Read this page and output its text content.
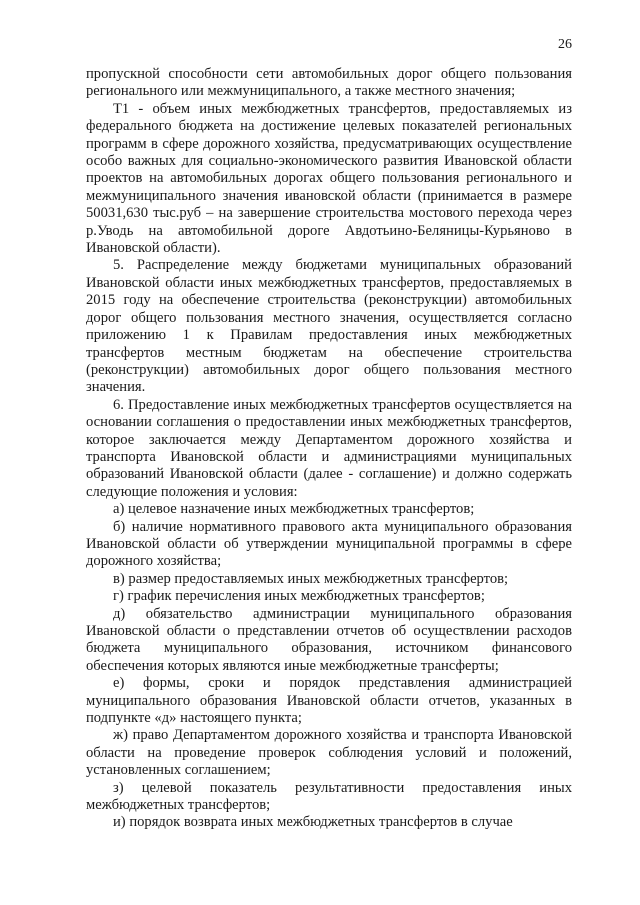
26

пропускной способности сети автомобильных дорог общего пользования регионального или межмуниципального, а также местного значения;

T1 - объем иных межбюджетных трансфертов, предоставляемых из федерального бюджета на достижение целевых показателей региональных программ в сфере дорожного хозяйства, предусматривающих осуществление особо важных для социально-экономического развития Ивановской области проектов на автомобильных дорогах общего пользования регионального и межмуниципального значения ивановской области (принимается в размере 50031,630 тыс.руб – на завершение строительства мостового перехода через р.Уводь на автомобильной дороге Авдотьино-Беляницы-Курьяново в Ивановской области).

5. Распределение между бюджетами муниципальных образований Ивановской области иных межбюджетных трансфертов, предоставляемых в 2015 году на обеспечение строительства (реконструкции) автомобильных дорог общего пользования местного значения, осуществляется согласно приложению 1 к Правилам предоставления иных межбюджетных трансфертов местным бюджетам на обеспечение строительства (реконструкции) автомобильных дорог общего пользования местного значения.

6. Предоставление иных межбюджетных трансфертов осуществляется на основании соглашения о предоставлении иных межбюджетных трансфертов, которое заключается между Департаментом дорожного хозяйства и транспорта Ивановской области и администрациями муниципальных образований Ивановской области (далее - соглашение) и должно содержать следующие положения и условия:

а) целевое назначение иных межбюджетных трансфертов;

б) наличие нормативного правового акта муниципального образования Ивановской области об утверждении муниципальной программы в сфере дорожного хозяйства;

в) размер предоставляемых иных межбюджетных трансфертов;

г) график перечисления иных межбюджетных трансфертов;

д) обязательство администрации муниципального образования Ивановской области о представлении отчетов об осуществлении расходов бюджета муниципального образования, источником финансового обеспечения которых являются иные межбюджетные трансферты;

е) формы, сроки и порядок представления администрацией муниципального образования Ивановской области отчетов, указанных в подпункте «д» настоящего пункта;

ж) право Департаментом дорожного хозяйства и транспорта Ивановской области на проведение проверок соблюдения условий и положений, установленных соглашением;

з) целевой показатель результативности предоставления иных межбюджетных трансфертов;

и) порядок возврата иных межбюджетных трансфертов в случае
